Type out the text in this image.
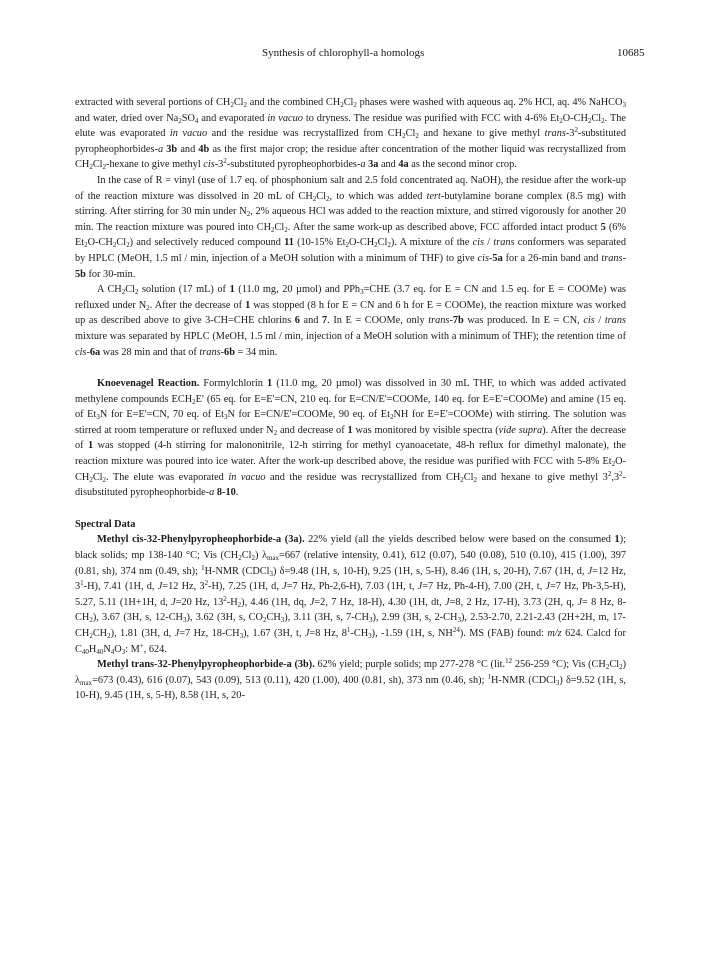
Synthesis of chlorophyll-a homologs	10685

extracted with several portions of $CH_2Cl_2$ and the combined $CH_2Cl_2$ phases were washed with aqueous aq. 2% HCl, aq. 4% NaHCO$_3$ and water, dried over $Na_2SO_4$ and evaporated in vacuo to dryness. The residue was purified with FCC with 4-6% $Et_2O-CH_2Cl_2$. The elute was evaporated in vacuo and the residue was recrystallized from $CH_2Cl_2$ and hexane to give methyl trans-$3^2$-substituted pyropheophorbides-a 3b and 4b as the first major crop; the residue after concentration of the mother liquid was recrystallized from $CH_2Cl_2$-hexane to give methyl cis-$3^2$-substituted pyropheophorbides-a 3a and 4a as the second minor crop.

In the case of R = vinyl (use of 1.7 eq. of phosphonium salt and 2.5 fold concentrated aq. NaOH), the residue after the work-up of the reaction mixture was dissolved in 20 mL of $CH_2Cl_2$, to which was added tert-butylamine borane complex (8.5 mg) with stirring. After stirring for 30 min under $N_2$, 2% aqueous HCl was added to the reaction mixture, and stirred vigorously for another 20 min. The reaction mixture was poured into $CH_2Cl_2$. After the same work-up as described above, FCC afforded intact product 5 (6% $Et_2O-CH_2Cl_2$) and selectively reduced compound 11 (10-15% $Et_2O-CH_2Cl_2$). A mixture of the cis / trans conformers was separated by HPLC (MeOH, 1.5 ml / min, injection of a MeOH solution with a minimum of THF) to give cis-5a for a 26-min band and trans-5b for 30-min.

A $CH_2Cl_2$ solution (17 mL) of 1 (11.0 mg, 20 µmol) and PPh$_3$=CHE (3.7 eq. for E = CN and 1.5 eq. for E = COOMe) was refluxed under $N_2$. After the decrease of 1 was stopped (8 h for E = CN and 6 h for E = COOMe), the reaction mixture was worked up as described above to give 3-CH=CHE chlorins 6 and 7. In E = COOMe, only trans-7b was produced. In E = CN, cis / trans mixture was separated by HPLC (MeOH, 1.5 ml / min, injection of a MeOH solution with a minimum of THF); the retention time of cis-6a was 28 min and that of trans-6b = 34 min.

Knoevenagel Reaction. Formylchlorin 1 (11.0 mg, 20 µmol) was dissolved in 30 mL THF, to which was added activated methylene compounds $ECH_2E'$ (65 eq. for E=E'=CN, 210 eq. for E=CN/E'=COOMe, 140 eq. for E=E'=COOMe) and amine (15 eq. of $Et_3N$ for E=E'=CN, 70 eq. of $Et_3N$ for E=CN/E'=COOMe, 90 eq. of $Et_2NH$ for E=E'=COOMe) with stirring. The solution was stirred at room temperature or refluxed under $N_2$ and decrease of 1 was monitored by visible spectra (vide supra). After the decrease of 1 was stopped (4-h stirring for malononitrile, 12-h stirring for methyl cyanoacetate, 48-h reflux for dimethyl malonate), the reaction mixture was poured into ice water. After the work-up described above, the residue was purified with FCC with 5-8% $Et_2O-CH_2Cl_2$. The elute was evaporated in vacuo and the residue was recrystallized from $CH_2Cl_2$ and hexane to give methyl $3^2,3^2$-disubstituted pyropheophorbide-a 8-10.

Spectral Data

Methyl cis-32-Phenylpyropheophorbide-a (3a). 22% yield (all the yields described below were based on the consumed 1); black solids; mp 138-140 °C; Vis $(CH_2Cl_2)$ $\lambda_{max}=667$ (relative intensity, 0.41), 612 (0.07), 540 (0.08), 510 (0.10), 415 (1.00), 397 (0.81, sh), 374 nm (0.49, sh); $^1$H-NMR (CDCl$_3$) δ=9.48 (1H, s, 10-H), 9.25 (1H, s, 5-H), 8.46 (1H, s, 20-H), 7.67 (1H, d, J=12 Hz, $3^1-H$), 7.41 (1H, d, J=12 Hz, $3^2-H$), 7.25 (1H, d, J=7 Hz, Ph-2,6-H), 7.03 (1H, t, J=7 Hz, Ph-4-H), 7.00 (2H, t, J=7 Hz, Ph-3,5-H), 5.27, 5.11 (1H+1H, d, J=20 Hz, $13^2-H_2$), 4.46 (1H, dq, J=2, 7 Hz, 18-H), 4.30 (1H, dt, J=8, 2 Hz, 17-H), 3.73 (2H, q, J= 8 Hz, $8-CH_2$), 3.67 (3H, s, $12-CH_3$), 3.62 (3H, s, $CO_2CH_3$), 3.11 (3H, s, $7-CH_3$), 2.99 (3H, s, $2-CH_3$), 2.53-2.70, 2.21-2.43 (2H+2H, m, $17-CH_2CH_2$), 1.81 (3H, d, J=7 Hz, $18-CH_3$), 1.67 (3H, t, J=8 Hz, $8^1-CH_3$), -1.59 (1H, s, NH$^{24}$). MS (FAB) found: m/z 624. Calcd for $C_{40}H_{40}N_4O_3$: M+, 624.

Methyl trans-32-Phenylpyropheophorbide-a (3b). 62% yield; purple solids; mp 277-278 °C (lit.$^{12}$ 256-259 °C); Vis $(CH_2Cl_2)$ $\lambda_{max}=673$ (0.43), 616 (0.07), 543 (0.09), 513 (0.11), 420 (1.00), 400 (0.81, sh), 373 nm (0.46, sh); $^1$H-NMR (CDCl$_3$) δ=9.52 (1H, s, 10-H), 9.45 (1H, s, 5-H), 8.58 (1H, s, 20-
